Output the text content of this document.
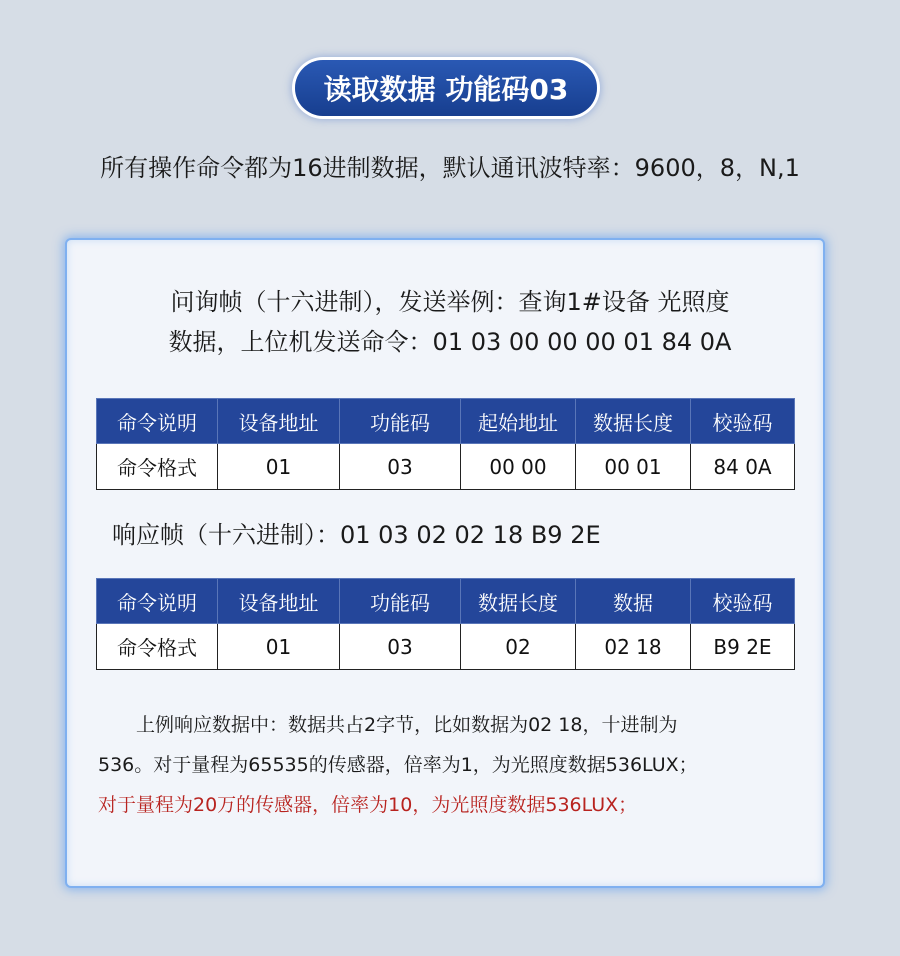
读取数据 功能码03
所有操作命令都为16进制数据，默认通讯波特率：9600，8，N,1
问询帧（十六进制），发送举例：查询1#设备 光照度
数据，上位机发送命令：01 03 00 00 00 01 84 0A
命令说明	设备地址	功能码	起始地址	数据长度	校验码
命令格式	01	03	00 00	00 01	84 0A
响应帧（十六进制）：01 03 02 02 18 B9 2E
命令说明	设备地址	功能码	数据长度	数据	校验码
命令格式	01	03	02	02 18	B9 2E
上例响应数据中：数据共占2字节，比如数据为02 18，十进制为
536。对于量程为65535的传感器，倍率为1，为光照度数据536LUX；
对于量程为20万的传感器，倍率为10，为光照度数据536LUX；
